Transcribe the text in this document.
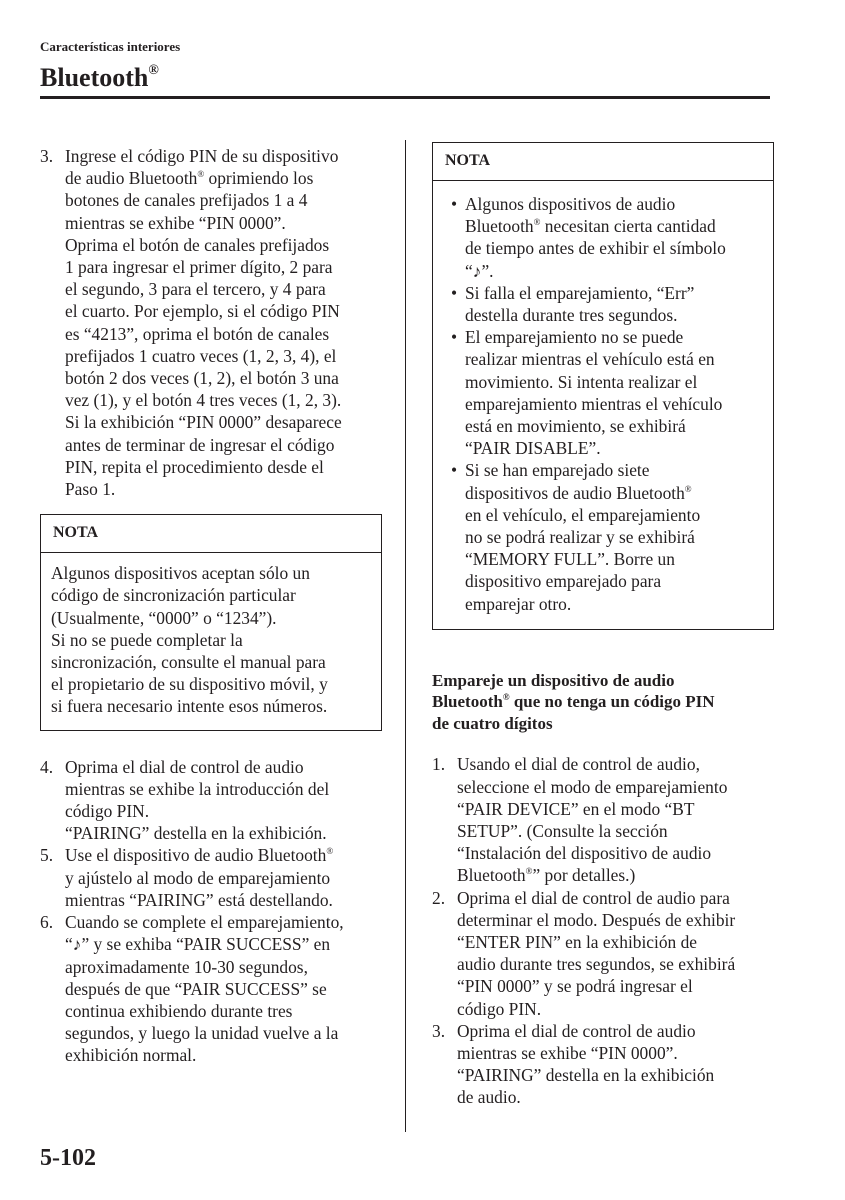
Características interiores

Bluetooth®
3. Ingrese el código PIN de su dispositivo
de audio Bluetooth® oprimiendo los
botones de canales prefijados 1 a 4
mientras se exhibe “PIN 0000”.
Oprima el botón de canales prefijados
1 para ingresar el primer dígito, 2 para
el segundo, 3 para el tercero, y 4 para
el cuarto. Por ejemplo, si el código PIN
es “4213”, oprima el botón de canales
prefijados 1 cuatro veces (1, 2, 3, 4), el
botón 2 dos veces (1, 2), el botón 3 una
vez (1), y el botón 4 tres veces (1, 2, 3).
Si la exhibición “PIN 0000” desaparece
antes de terminar de ingresar el código
PIN, repita el procedimiento desde el
Paso 1.
NOTA
Algunos dispositivos aceptan sólo un
código de sincronización particular
(Usualmente, “0000” o “1234”).
Si no se puede completar la
sincronización, consulte el manual para
el propietario de su dispositivo móvil, y
si fuera necesario intente esos números.
4. Oprima el dial de control de audio
mientras se exhibe la introducción del
código PIN.
“PAIRING” destella en la exhibición.
5. Use el dispositivo de audio Bluetooth®
y ajústelo al modo de emparejamiento
mientras “PAIRING” está destellando.
6. Cuando se complete el emparejamiento,
“♪” y se exhiba “PAIR SUCCESS” en
aproximadamente 10-30 segundos,
después de que “PAIR SUCCESS” se
continua exhibiendo durante tres
segundos, y luego la unidad vuelve a la
exhibición normal.
NOTA
• Algunos dispositivos de audio
Bluetooth® necesitan cierta cantidad
de tiempo antes de exhibir el símbolo
“♪”.
• Si falla el emparejamiento, “Err”
destella durante tres segundos.
• El emparejamiento no se puede
realizar mientras el vehículo está en
movimiento. Si intenta realizar el
emparejamiento mientras el vehículo
está en movimiento, se exhibirá
“PAIR DISABLE”.
• Si se han emparejado siete
dispositivos de audio Bluetooth®
en el vehículo, el emparejamiento
no se podrá realizar y se exhibirá
“MEMORY FULL”. Borre un
dispositivo emparejado para
emparejar otro.
Empareje un dispositivo de audio
Bluetooth® que no tenga un código PIN
de cuatro dígitos
1. Usando el dial de control de audio,
seleccione el modo de emparejamiento
“PAIR DEVICE” en el modo “BT
SETUP”. (Consulte la sección
“Instalación del dispositivo de audio
Bluetooth®” por detalles.)
2. Oprima el dial de control de audio para
determinar el modo. Después de exhibir
“ENTER PIN” en la exhibición de
audio durante tres segundos, se exhibirá
“PIN 0000” y se podrá ingresar el
código PIN.
3. Oprima el dial de control de audio
mientras se exhibe “PIN 0000”.
“PAIRING” destella en la exhibición
de audio.

5-102
